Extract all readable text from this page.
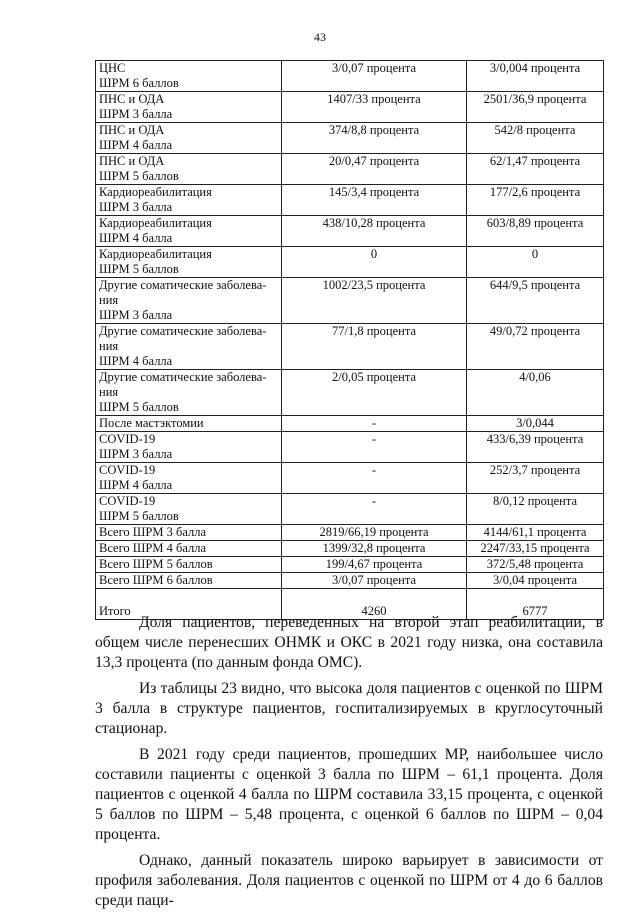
43
ЦНС
ШРМ 6 баллов	3/0,07 процента	3/0,004 процента
ПНС и ОДА
ШРМ 3 балла	1407/33 процента	2501/36,9 процента
ПНС и ОДА
ШРМ 4 балла	374/8,8 процента	542/8 процента
ПНС и ОДА
ШРМ 5 баллов	20/0,47 процента	62/1,47 процента
Кардиореабилитация
ШРМ 3 балла	145/3,4 процента	177/2,6 процента
Кардиореабилитация
ШРМ 4 балла	438/10,28 процента	603/8,89 процента
Кардиореабилитация
ШРМ 5 баллов	0	0
Другие соматические заболева-
ния
ШРМ 3 балла	1002/23,5 процента	644/9,5 процента
Другие соматические заболева-
ния
ШРМ 4 балла	77/1,8 процента	49/0,72 процента
Другие соматические заболева-
ния
ШРМ 5 баллов	2/0,05 процента	4/0,06
После мастэктомии	-	3/0,044
COVID-19
ШРМ 3 балла	-	433/6,39 процента
COVID-19
ШРМ 4 балла	-	252/3,7 процента
COVID-19
ШРМ 5 баллов	-	8/0,12 процента
Всего ШРМ 3 балла	2819/66,19 процента	4144/61,1 процента
Всего ШРМ 4 балла	1399/32,8 процента	2247/33,15 процента
Всего ШРМ 5 баллов	199/4,67 процента	372/5,48 процента
Всего ШРМ 6 баллов	3/0,07 процента	3/0,04 процента
Итого	4260	6777

Доля пациентов, переведенных на второй этап реабилитации, в общем числе перенесших ОНМК и ОКС в 2021 году низка, она составила 13,3 процента (по данным фонда ОМС).

Из таблицы 23 видно, что высока доля пациентов с оценкой по ШРМ 3 балла в структуре пациентов, госпитализируемых в круглосуточный стационар.

В 2021 году среди пациентов, прошедших МР, наибольшее число составили пациенты с оценкой 3 балла по ШРМ – 61,1 процента. Доля пациентов с оценкой 4 балла по ШРМ составила 33,15 процента, с оценкой 5 баллов по ШРМ – 5,48 процента, с оценкой 6 баллов по ШРМ – 0,04 процента.

Однако, данный показатель широко варьирует в зависимости от профиля заболевания. Доля пациентов с оценкой по ШРМ от 4 до 6 баллов среди паци-
